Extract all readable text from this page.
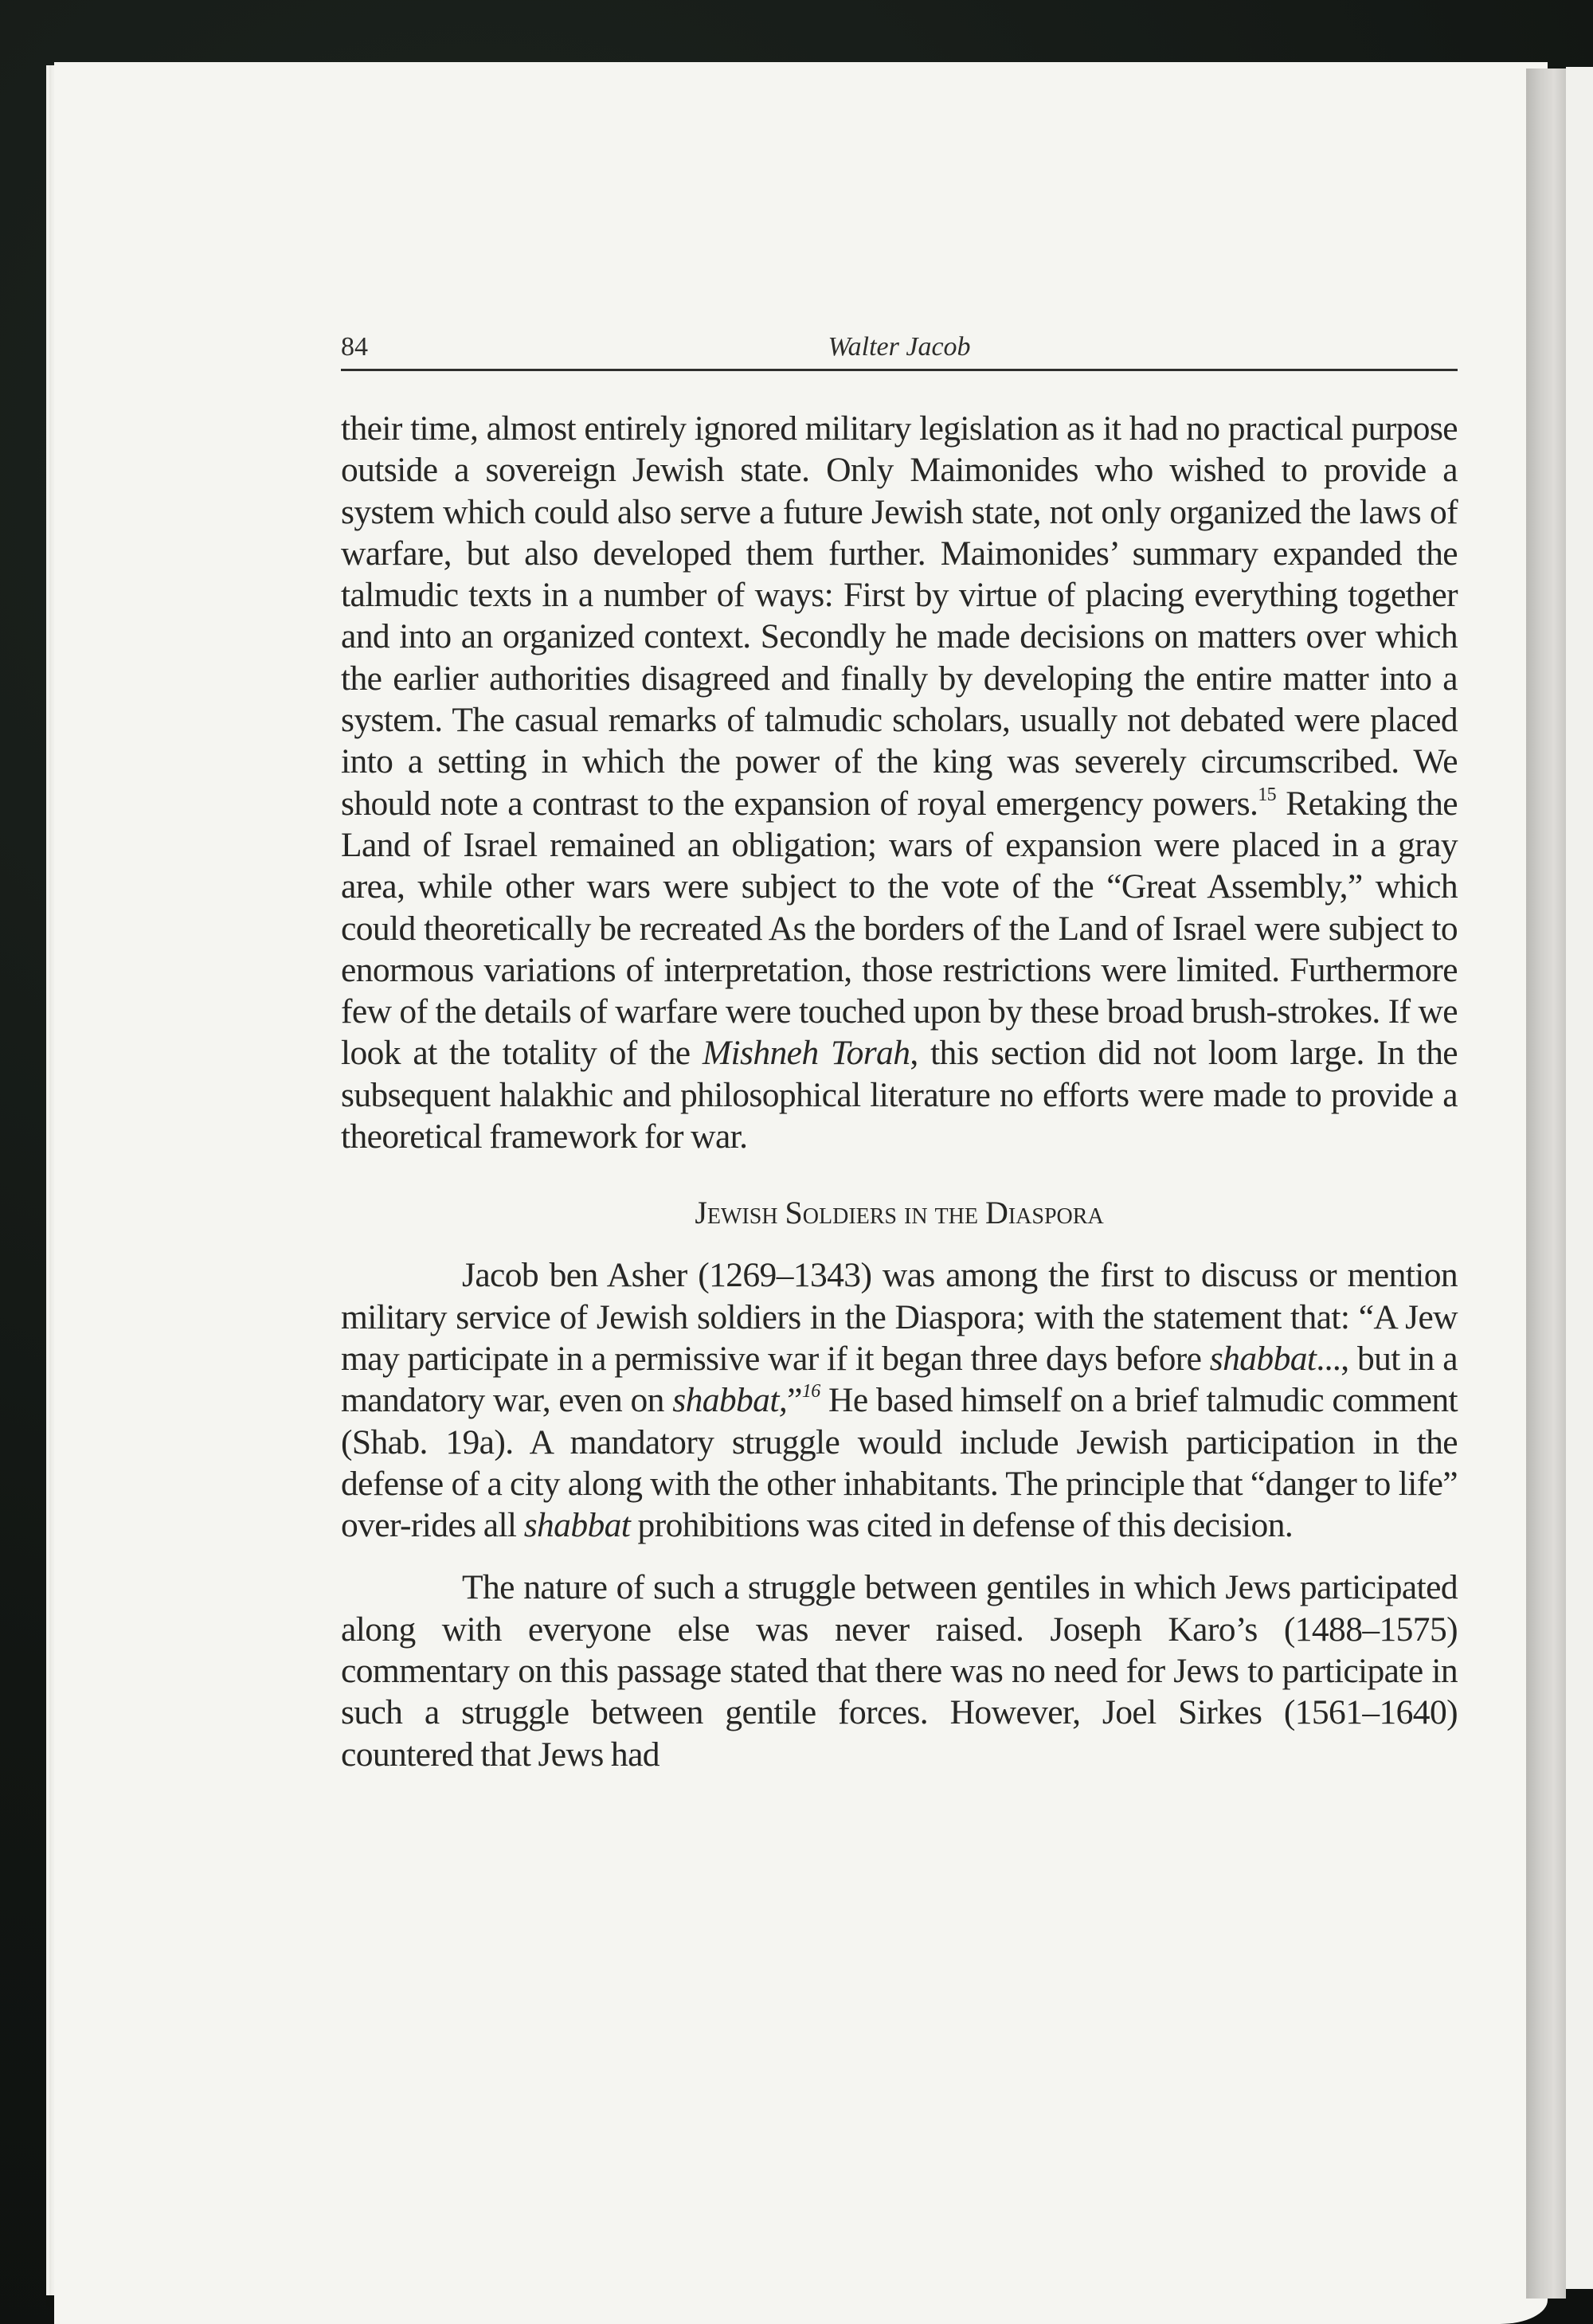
84	Walter Jacob

their time, almost entirely ignored military legislation as it had no practical purpose outside a sovereign Jewish state. Only Maimonides who wished to provide a system which could also serve a future Jewish state, not only organized the laws of warfare, but also developed them further. Maimonides’ summary expanded the talmudic texts in a number of ways: First by virtue of placing everything together and into an organized context. Secondly he made decisions on matters over which the earlier authorities disagreed and finally by developing the entire matter into a system. The casual remarks of talmudic scholars, usually not debated were placed into a setting in which the power of the king was severely circumscribed. We should note a contrast to the expansion of royal emergency powers.$^{15}$ Retaking the Land of Israel remained an obligation; wars of expansion were placed in a gray area, while other wars were subject to the vote of the “Great Assembly,” which could theoretically be recreated As the borders of the Land of Israel were subject to enormous variations of interpretation, those restrictions were limited. Furthermore few of the details of warfare were touched upon by these broad brush-strokes. If we look at the totality of the Mishneh Torah, this section did not loom large. In the subsequent halakhic and philosophical literature no efforts were made to provide a theoretical framework for war.

Jewish Soldiers in the Diaspora

Jacob ben Asher (1269–1343) was among the first to discuss or mention military service of Jewish soldiers in the Diaspora; with the statement that: “A Jew may participate in a permissive war if it began three days before shabbat..., but in a mandatory war, even on shabbat,”$^{16}$ He based himself on a brief talmudic comment (Shab. 19a). A mandatory struggle would include Jewish participation in the defense of a city along with the other inhabitants. The principle that “danger to life” over-rides all shabbat prohibitions was cited in defense of this decision.

The nature of such a struggle between gentiles in which Jews participated along with everyone else was never raised. Joseph Karo’s (1488–1575) commentary on this passage stated that there was no need for Jews to participate in such a struggle between gentile forces. However, Joel Sirkes (1561–1640) countered that Jews had
